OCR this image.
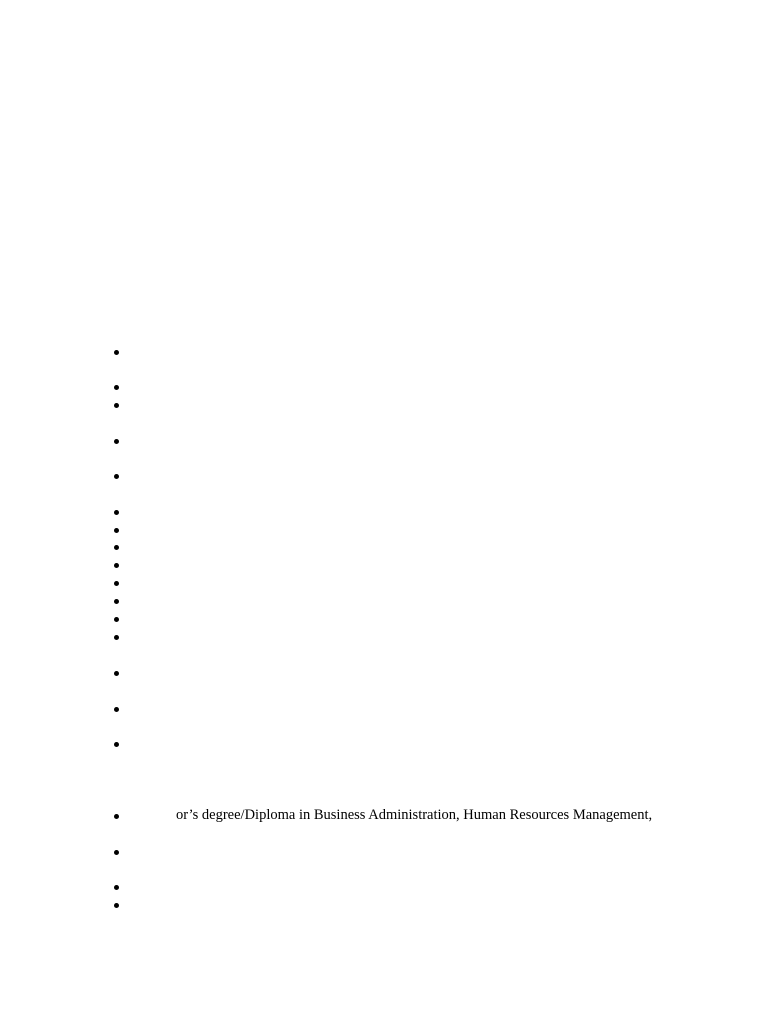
or’s degree/Diploma in Business Administration, Human Resources Management,
